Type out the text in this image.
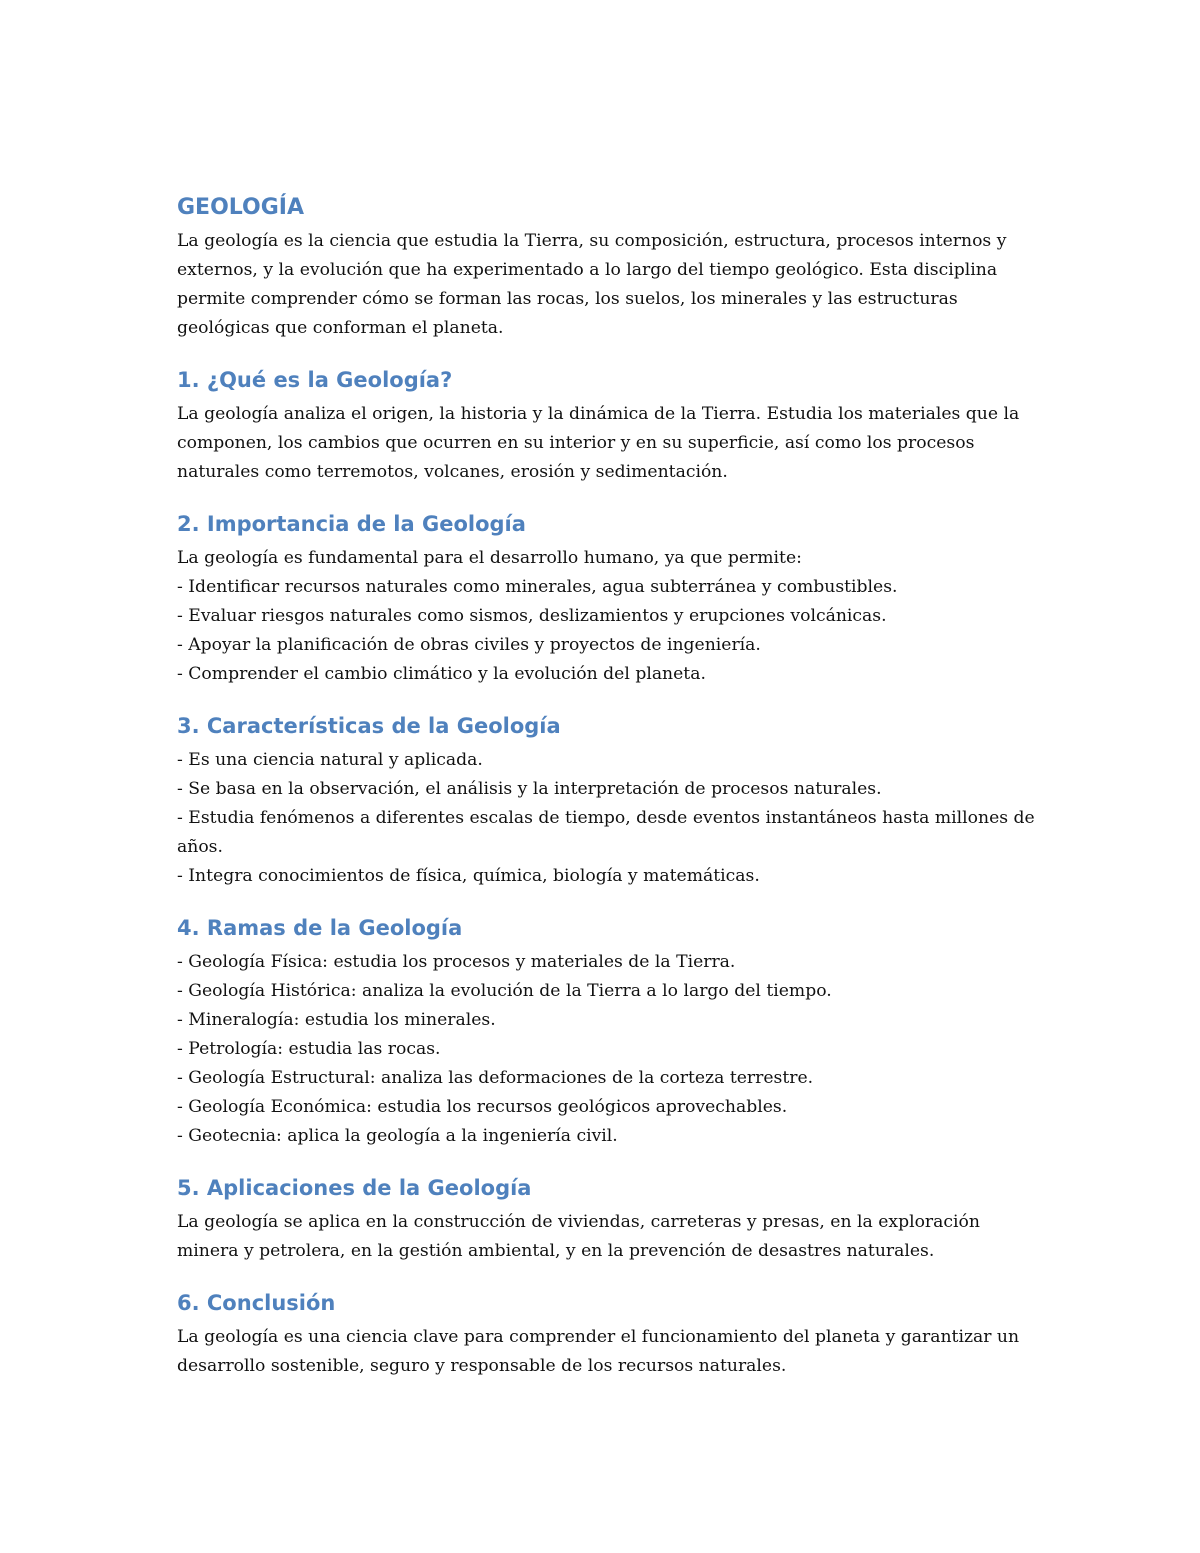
GEOLOGÍA

La geología es la ciencia que estudia la Tierra, su composición, estructura, procesos internos y externos, y la evolución que ha experimentado a lo largo del tiempo geológico. Esta disciplina permite comprender cómo se forman las rocas, los suelos, los minerales y las estructuras geológicas que conforman el planeta.

1. ¿Qué es la Geología?

La geología analiza el origen, la historia y la dinámica de la Tierra. Estudia los materiales que la componen, los cambios que ocurren en su interior y en su superficie, así como los procesos naturales como terremotos, volcanes, erosión y sedimentación.

2. Importancia de la Geología

La geología es fundamental para el desarrollo humano, ya que permite:

- Identificar recursos naturales como minerales, agua subterránea y combustibles.

- Evaluar riesgos naturales como sismos, deslizamientos y erupciones volcánicas.

- Apoyar la planificación de obras civiles y proyectos de ingeniería.

- Comprender el cambio climático y la evolución del planeta.

3. Características de la Geología

- Es una ciencia natural y aplicada.

- Se basa en la observación, el análisis y la interpretación de procesos naturales.

- Estudia fenómenos a diferentes escalas de tiempo, desde eventos instantáneos hasta millones de años.

- Integra conocimientos de física, química, biología y matemáticas.

4. Ramas de la Geología

- Geología Física: estudia los procesos y materiales de la Tierra.

- Geología Histórica: analiza la evolución de la Tierra a lo largo del tiempo.

- Mineralogía: estudia los minerales.

- Petrología: estudia las rocas.

- Geología Estructural: analiza las deformaciones de la corteza terrestre.

- Geología Económica: estudia los recursos geológicos aprovechables.

- Geotecnia: aplica la geología a la ingeniería civil.

5. Aplicaciones de la Geología

La geología se aplica en la construcción de viviendas, carreteras y presas, en la exploración minera y petrolera, en la gestión ambiental, y en la prevención de desastres naturales.

6. Conclusión

La geología es una ciencia clave para comprender el funcionamiento del planeta y garantizar un desarrollo sostenible, seguro y responsable de los recursos naturales.
